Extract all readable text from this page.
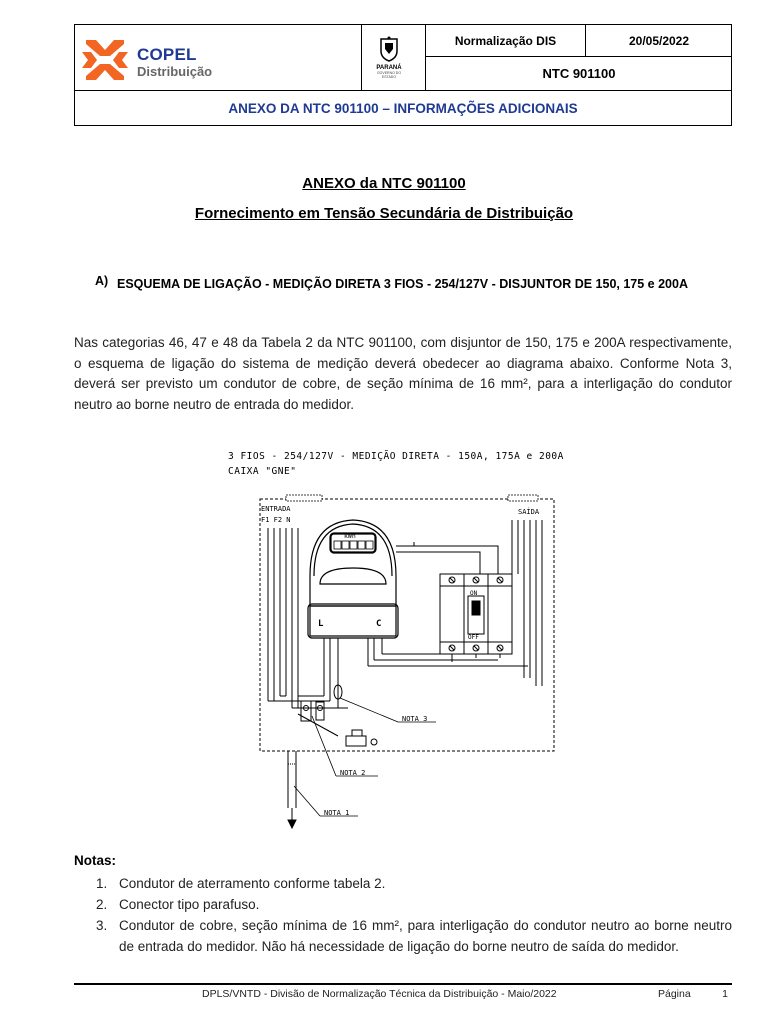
Normalização DIS	20/05/2022
NTC 901100
ANEXO DA NTC 901100 – INFORMAÇÕES ADICIONAIS
COPEL
Distribuição	PARANÁ
GOVERNO DO ESTADO
ANEXO da NTC 901100
Fornecimento em Tensão Secundária de Distribuição
A) ESQUEMA DE LIGAÇÃO - MEDIÇÃO DIRETA 3 FIOS - 254/127V - DISJUNTOR DE 150, 175 e 200A
Nas categorias 46, 47 e 48 da Tabela 2 da NTC 901100, com disjuntor de 150, 175 e 200A respectivamente, o esquema de ligação do sistema de medição deverá obedecer ao diagrama abaixo. Conforme Nota 3, deverá ser previsto um condutor de cobre, de seção mínima de 16 mm², para a interligação do condutor neutro ao borne neutro de entrada do medidor.
3 FIOS - 254/127V - MEDIÇÃO DIRETA - 150A, 175A e 200A
CAIXA "GNE"
ENTRADA
F1 F2 N
SAÍDA
kWh
L	C
ON
OFF
NOTA 3
NOTA 2
NOTA 1
Notas:
1. Condutor de aterramento conforme tabela 2.
2. Conector tipo parafuso.
3. Condutor de cobre, seção mínima de 16 mm², para interligação do condutor neutro ao borne neutro de entrada do medidor. Não há necessidade de ligação do borne neutro de saída do medidor.
DPLS/VNTD - Divisão de Normalização Técnica da Distribuição - Maio/2022	Página	1
